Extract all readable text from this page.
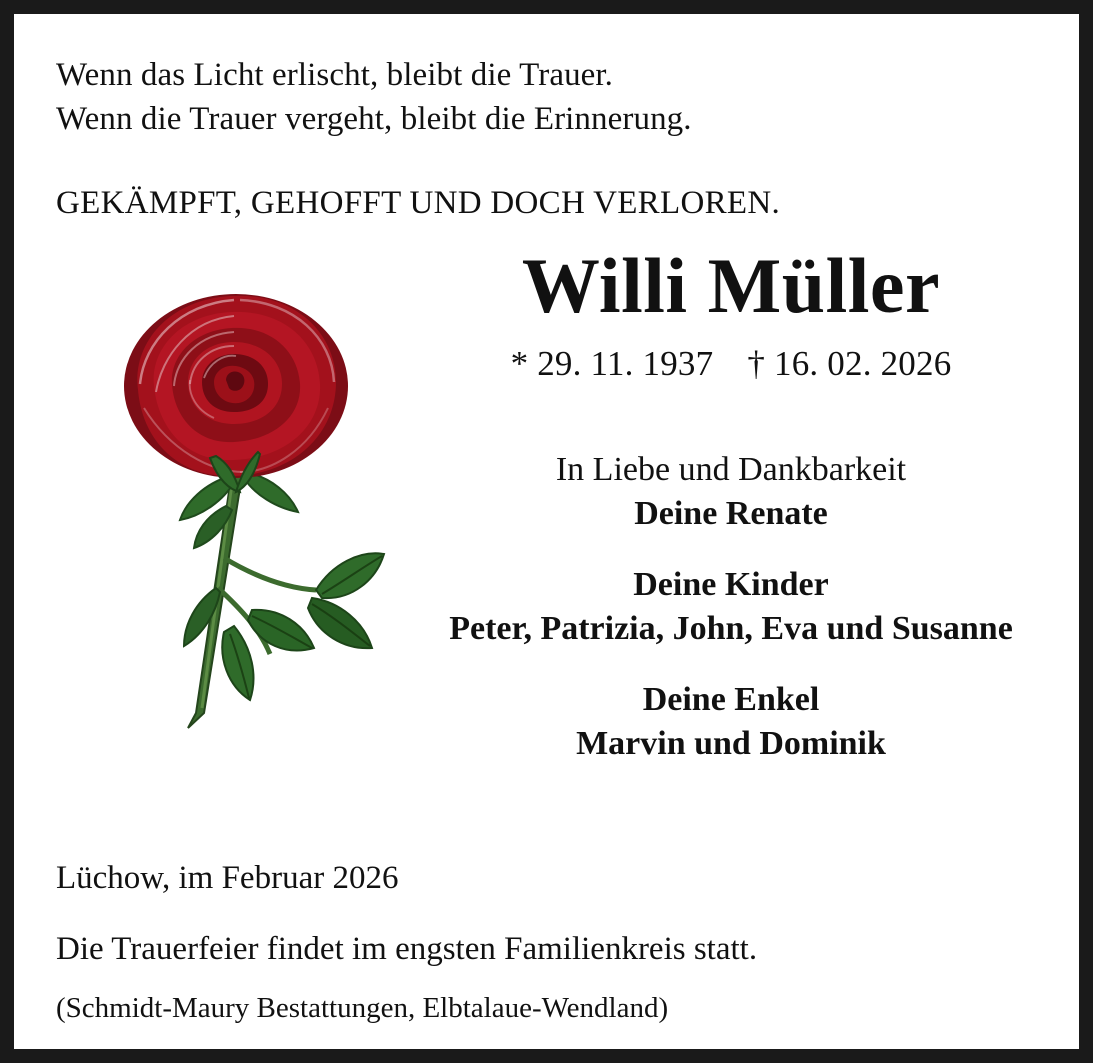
Wenn das Licht erlischt, bleibt die Trauer.
Wenn die Trauer vergeht, bleibt die Erinnerung.
GEKÄMPFT, GEHOFFT UND DOCH VERLOREN.
Willi Müller
* 29. 11. 1937 † 16. 02. 2026
In Liebe und Dankbarkeit
Deine Renate
Deine Kinder
Peter, Patrizia, John, Eva und Susanne
Deine Enkel
Marvin und Dominik
Lüchow, im Februar 2026
Die Trauerfeier findet im engsten Familienkreis statt.
(Schmidt-Maury Bestattungen, Elbtalaue-Wendland)
